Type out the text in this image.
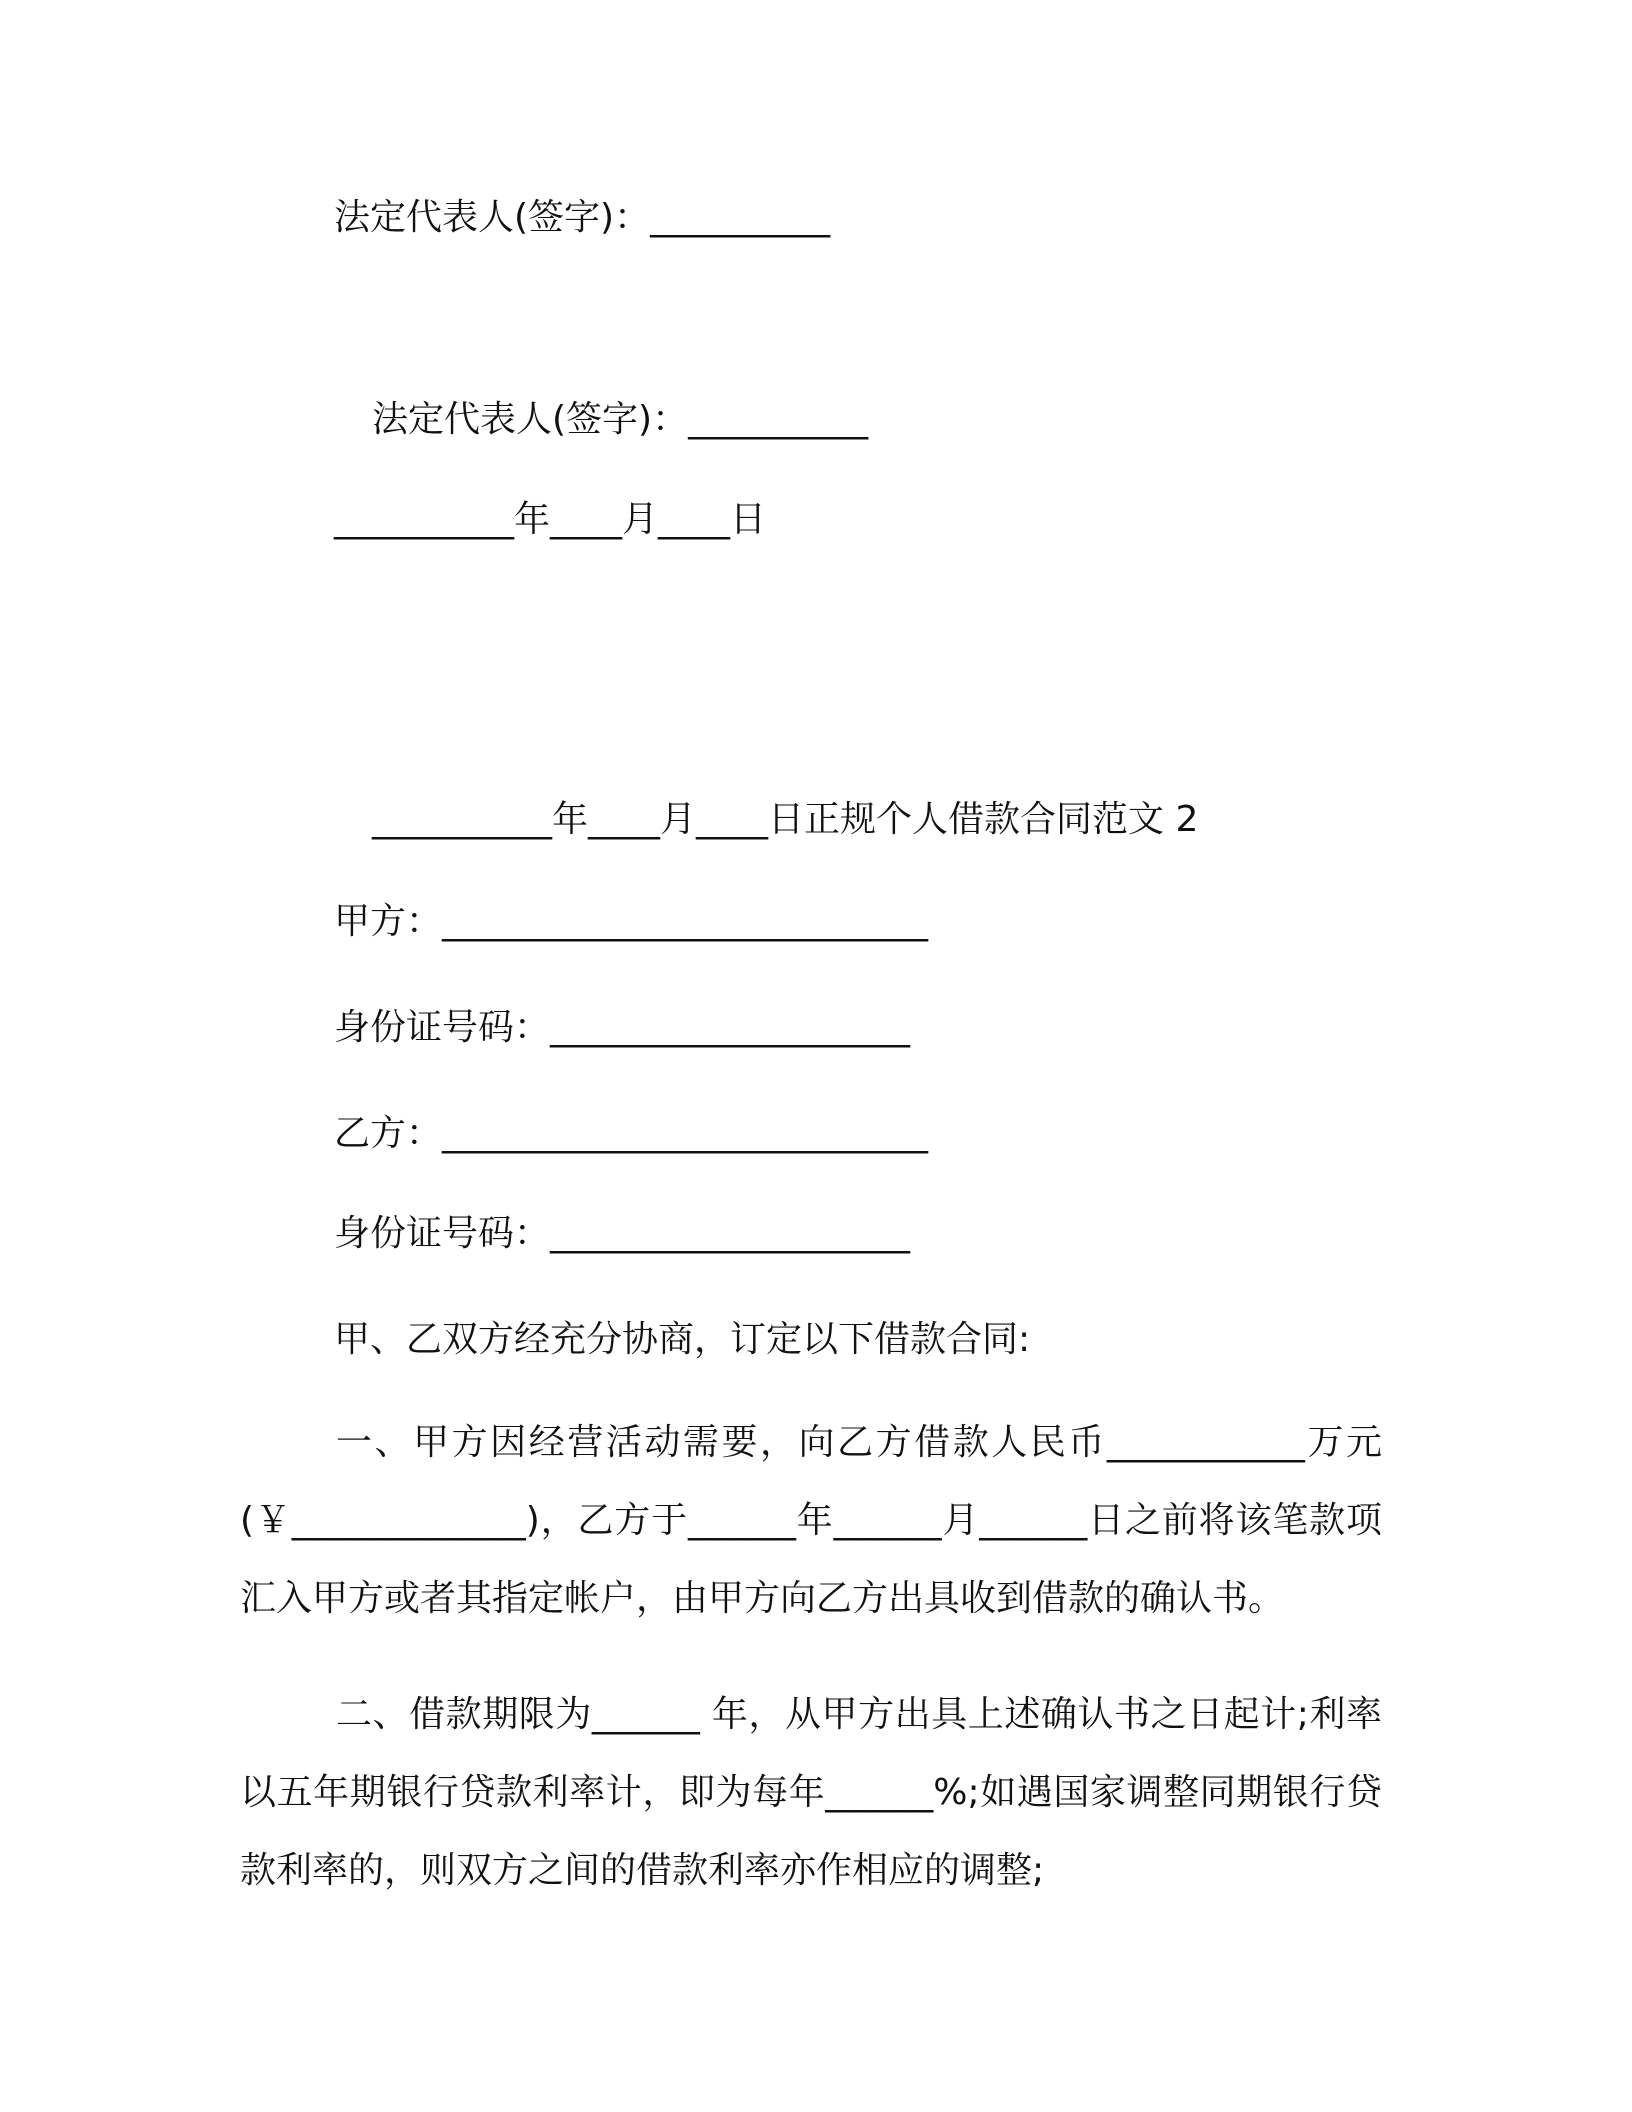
法定代表人(签字)：__________
法定代表人(签字)：__________
__________年____月____日
__________年____月____日正规个人借款合同范文 2
甲方：___________________________
身份证号码：____________________
乙方：___________________________
身份证号码：____________________
甲、乙双方经充分协商，订定以下借款合同:
一、甲方因经营活动需要，向乙方借款人民币___________万元(￥_____________)，乙方于______年______月______日之前将该笔款项汇入甲方或者其指定帐户，由甲方向乙方出具收到借款的确认书。
二、借款期限为______ 年，从甲方出具上述确认书之日起计;利率以五年期银行贷款利率计，即为每年______%;如遇国家调整同期银行贷款利率的，则双方之间的借款利率亦作相应的调整;
